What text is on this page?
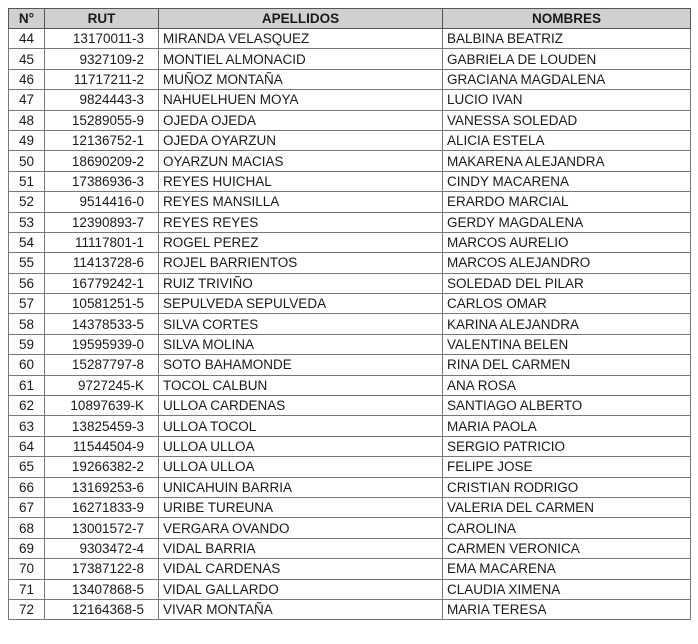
N°	RUT	APELLIDOS	NOMBRES
44	13170011-3	MIRANDA VELASQUEZ	BALBINA BEATRIZ
45	9327109-2	MONTIEL ALMONACID	GABRIELA DE LOUDEN
46	11717211-2	MUÑOZ MONTAÑA	GRACIANA MAGDALENA
47	9824443-3	NAHUELHUEN MOYA	LUCIO IVAN
48	15289055-9	OJEDA OJEDA	VANESSA SOLEDAD
49	12136752-1	OJEDA OYARZUN	ALICIA ESTELA
50	18690209-2	OYARZUN MACIAS	MAKARENA ALEJANDRA
51	17386936-3	REYES HUICHAL	CINDY MACARENA
52	9514416-0	REYES MANSILLA	ERARDO MARCIAL
53	12390893-7	REYES REYES	GERDY MAGDALENA
54	11117801-1	ROGEL PEREZ	MARCOS AURELIO
55	11413728-6	ROJEL BARRIENTOS	MARCOS ALEJANDRO
56	16779242-1	RUIZ TRIVIÑO	SOLEDAD DEL PILAR
57	10581251-5	SEPULVEDA SEPULVEDA	CARLOS OMAR
58	14378533-5	SILVA CORTES	KARINA ALEJANDRA
59	19595939-0	SILVA MOLINA	VALENTINA BELEN
60	15287797-8	SOTO BAHAMONDE	RINA DEL CARMEN
61	9727245-K	TOCOL CALBUN	ANA ROSA
62	10897639-K	ULLOA CARDENAS	SANTIAGO ALBERTO
63	13825459-3	ULLOA TOCOL	MARIA PAOLA
64	11544504-9	ULLOA ULLOA	SERGIO PATRICIO
65	19266382-2	ULLOA ULLOA	FELIPE JOSE
66	13169253-6	UNICAHUIN BARRIA	CRISTIAN RODRIGO
67	16271833-9	URIBE TUREUNA	VALERIA DEL CARMEN
68	13001572-7	VERGARA OVANDO	CAROLINA
69	9303472-4	VIDAL BARRIA	CARMEN VERONICA
70	17387122-8	VIDAL CARDENAS	EMA MACARENA
71	13407868-5	VIDAL GALLARDO	CLAUDIA XIMENA
72	12164368-5	VIVAR MONTAÑA	MARIA TERESA
